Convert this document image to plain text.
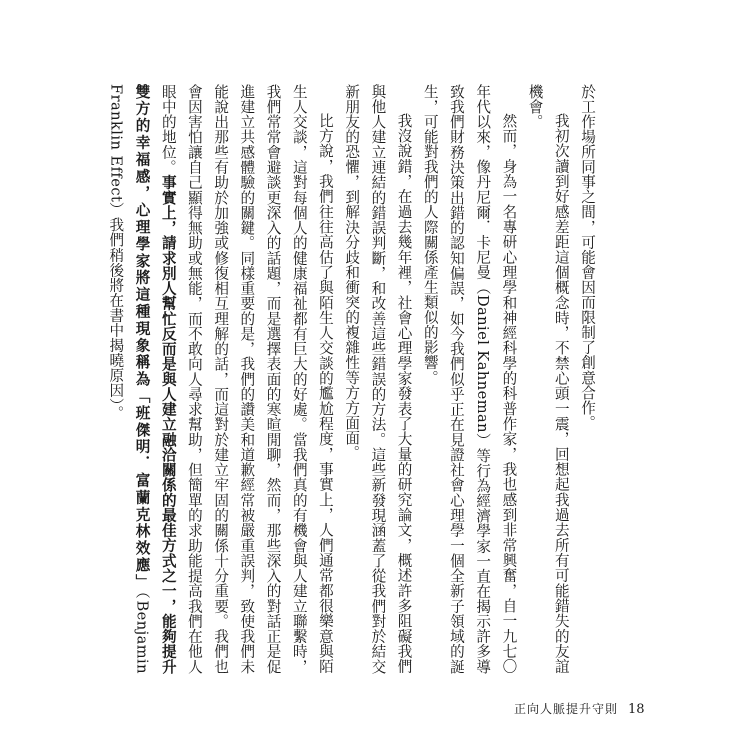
於工作場所同事之間，可能會因而限制了創意合作。

我初次讀到好感差距這個概念時，不禁心頭一震，回想起我過去所有可能錯失的友誼機會。

然而，身為一名專研心理學和神經科學的科普作家，我也感到非常興奮，自一九七〇年代以來，像丹尼爾．卡尼曼（Daniel Kahneman）等行為經濟學家一直在揭示許多導致我們財務決策出錯的認知偏誤，如今我們似乎正在見證社會心理學一個全新子領域的誕生，可能對我們的人際關係產生類似的影響。

我沒說錯，在過去幾年裡，社會心理學家發表了大量的研究論文，概述許多阻礙我們與他人建立連結的錯誤判斷，和改善這些錯誤的方法。這些新發現涵蓋了從我們對於結交新朋友的恐懼，到解決分歧和衝突的複雜性等方方面面。

比方說，我們往往高估了與陌生人交談的尷尬程度，事實上，人們通常都很樂意與陌生人交談，這對每個人的健康福祉都有巨大的好處。當我們真的有機會與人建立聯繫時，我們常常會避談更深入的話題，而是選擇表面的寒暄閒聊，然而，那些深入的對話正是促進建立共感體驗的關鍵。同樣重要的是，我們的讚美和道歉經常被嚴重誤判，致使我們未能說出那些有助於加強或修復相互理解的話，而這對於建立牢固的關係十分重要。我們也會因害怕讓自己顯得無助或無能，而不敢向人尋求幫助，但簡單的求助能提高我們在他人眼中的地位。事實上，請求別人幫忙反而是與人建立融洽關係的最佳方式之一，能夠提升雙方的幸福感，心理學家將這種現象稱為「班傑明．富蘭克林效應」（Benjamin Franklin Effect）我們稍後將在書中揭曉原因）。

正向人脈提升守則 18
